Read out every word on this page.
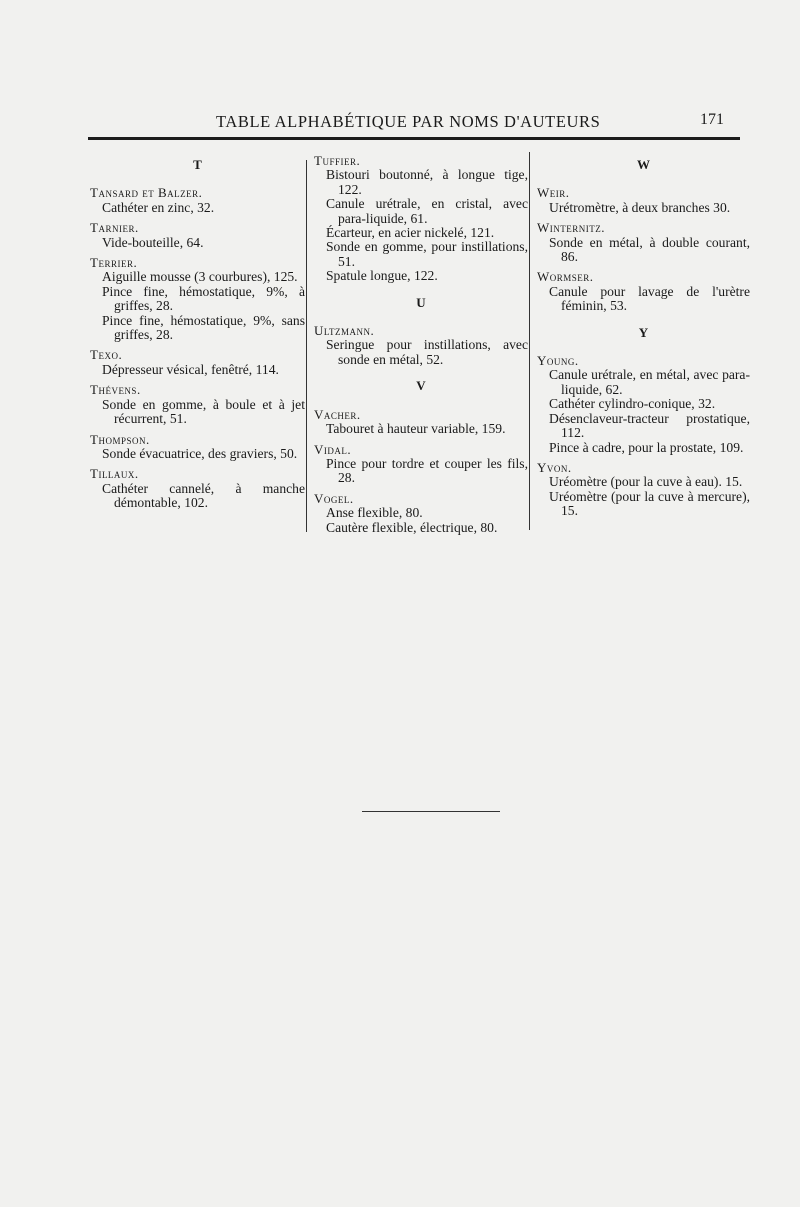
TABLE ALPHABÉTIQUE PAR NOMS D'AUTEURS	171
T
Tansard et Balzer.
Cathéter en zinc, 32.
Tarnier.
Vide-bouteille, 64.
Terrier.
Aiguille mousse (3 courbures), 125.
Pince fine, hémostatique, 9%, à griffes, 28.
Pince fine, hémostatique, 9%, sans griffes, 28.
Texo.
Dépresseur vésical, fenêtré, 114.
Thévens.
Sonde en gomme, à boule et à jet récurrent, 51.
Thompson.
Sonde évacuatrice, des graviers, 50.
Tillaux.
Cathéter cannelé, à manche démontable, 102.
Tuffier.
Bistouri boutonné, à longue tige, 122.
Canule urétrale, en cristal, avec para-liquide, 61.
Écarteur, en acier nickelé, 121.
Sonde en gomme, pour instillations, 51.
Spatule longue, 122.
U
Ultzmann.
Seringue pour instillations, avec sonde en métal, 52.
V
Vacher.
Tabouret à hauteur variable, 159.
Vidal.
Pince pour tordre et couper les fils, 28.
Vogel.
Anse flexible, 80.
Cautère flexible, électrique, 80.
W
Weir.
Urétromètre, à deux branches 30.
Winternitz.
Sonde en métal, à double courant, 86.
Wormser.
Canule pour lavage de l'urètre féminin, 53.
Y
Young.
Canule urétrale, en métal, avec para-liquide, 62.
Cathéter cylindro-conique, 32.
Désenclaveur-tracteur prostatique, 112.
Pince à cadre, pour la prostate, 109.
Yvon.
Uréomètre (pour la cuve à eau). 15.
Uréomètre (pour la cuve à mercure), 15.
